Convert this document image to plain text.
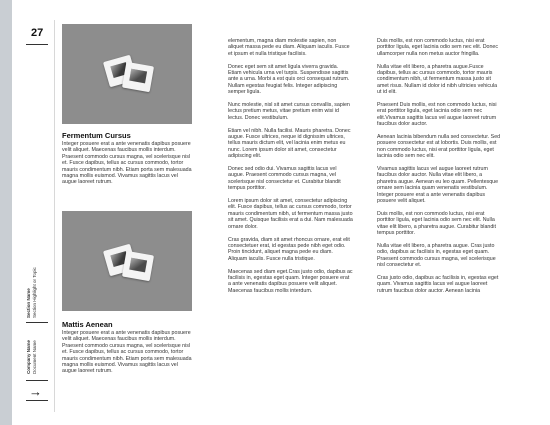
27
Section Name Section Highlight or Topic
Company Name Document Name
→
Fermentum Cursus
Integer posuere erat a ante venenatis dapibus posuere velit aliquet. Maecenas faucibus mollis interdum. Praesent commodo cursus magna, vel scelerisque nisl et. Fusce dapibus, tellus ac cursus commodo, tortor mauris condimentum nibh. Etiam porta sem malesuada magna mollis euismod. Vivamus sagittis lacus vel augue laoreet rutrum.
Mattis Aenean
Integer posuere erat a ante venenatis dapibus posuere velit aliquet. Maecenas faucibus mollis interdum. Praesent commodo cursus magna, vel scelerisque nisl et. Fusce dapibus, tellus ac cursus commodo, tortor mauris condimentum nibh. Etiam porta sem malesuada magna mollis euismod. Vivamus sagittis lacus vel augue laoreet rutrum.

elementum, magna diam molestie sapien, non aliquet massa pede eu diam. Aliquam iaculis. Fusce et ipsum et nulla tristique facilisis.

Donec eget sem sit amet ligula viverra gravida. Etiam vehicula urna vel turpis. Suspendisse sagittis ante a urna. Morbi a est quis orci consequat rutrum. Nullam egestas feugiat felis. Integer adipiscing semper ligula.

Nunc molestie, nisl sit amet cursus convallis, sapien lectus pretium metus, vitae pretium enim wisi id lectus. Donec vestibulum.

Etiam vel nibh. Nulla facilisi. Mauris pharetra. Donec augue. Fusce ultrices, neque id dignissim ultrices, tellus mauris dictum elit, vel lacinia enim metus eu nunc. Lorem ipsum dolor sit amet, consectetur adipiscing elit.

Donec sed odio dui. Vivamus sagittis lacus vel augue. Praesent commodo cursus magna, vel scelerisque nisl consectetur et. Curabitur blandit tempus porttitor.

Lorem ipsum dolor sit amet, consectetur adipiscing elit. Fusce dapibus, tellus ac cursus commodo, tortor mauris condimentum nibh, ut fermentum massa justo sit amet. Quisque facilisis erat a dui. Nam malesuada ornare dolor.

Cras gravida, diam sit amet rhoncus ornare, erat elit consectetuer erat, id egestas pede nibh eget odio. Proin tincidunt, aliquet magna pede eu diam. Aliquam iaculis. Fusce nulla tristique.

Maecenas sed diam eget.Cras justo odio, dapibus ac facilisis in, egestas eget quam. Integer posuere erat a ante venenatis dapibus posuere velit aliquet. Maecenas faucibus mollis interdum.

Duis mollis, est non commodo luctus, nisi erat porttitor ligula, eget lacinia odio sem nec elit. Donec ullamcorper nulla non metus auctor fringilla.

Nulla vitae elit libero, a pharetra augue.Fusce dapibus, tellus ac cursus commodo, tortor mauris condimentum nibh, ut fermentum massa justo sit amet risus. Nullam id dolor id nibh ultricies vehicula ut id elit.

Praesent Duis mollis, est non commodo luctus, nisi erat porttitor ligula, eget lacinia odio sem nec elit.Vivamus sagittis lacus vel augue laoreet rutrum faucibus dolor auctor.

Aenean lacinia bibendum nulla sed consectetur. Sed posuere consectetur est at lobortis. Duis mollis, est non commodo luctus, nisi erat porttitor ligula, eget lacinia odio sem nec elit.

Vivamus sagittis lacus vel augue laoreet rutrum faucibus dolor auctor. Nulla vitae elit libero, a pharetra augue. Aenean eu leo quam. Pellentesque ornare sem lacinia quam venenatis vestibulum. Integer posuere erat a ante venenatis dapibus posuere velit aliquet.

Duis mollis, est non commodo luctus, nisi erat porttitor ligula, eget lacinia odio sem nec elit. Nulla vitae elit libero, a pharetra augue. Curabitur blandit tempus porttitor.

Nulla vitae elit libero, a pharetra augue. Cras justo odio, dapibus ac facilisis in, egestas eget quam. Praesent commodo cursus magna, vel scelerisque nisl consectetur et.

Cras justo odio, dapibus ac facilisis in, egestas eget quam. Vivamus sagittis lacus vel augue laoreet rutrum faucibus dolor auctor. Aenean lacinia
